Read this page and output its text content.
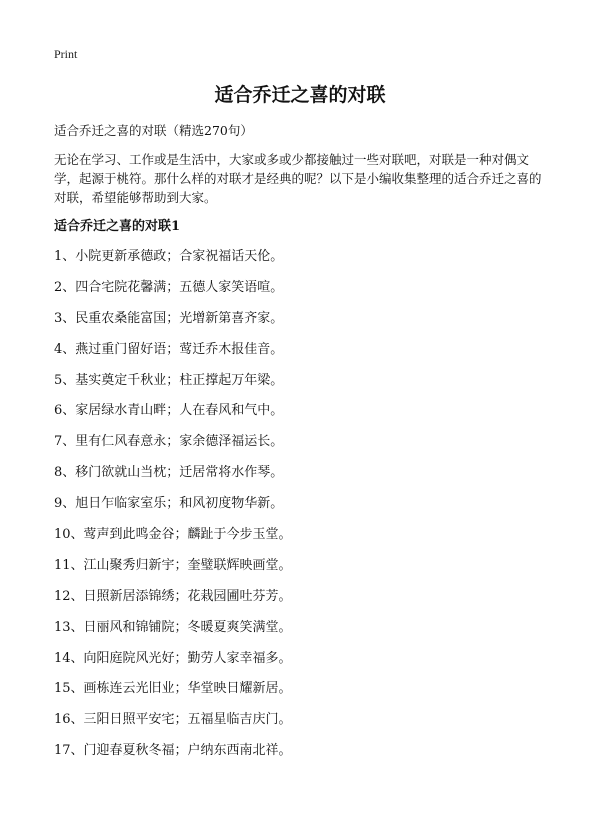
Print
适合乔迁之喜的对联
适合乔迁之喜的对联（精选270句）

无论在学习、工作或是生活中，大家或多或少都接触过一些对联吧，对联是一种对偶文学，起源于桃符。那什么样的对联才是经典的呢？以下是小编收集整理的适合乔迁之喜的对联，希望能够帮助到大家。

适合乔迁之喜的对联1
1、小院更新承德政；合家祝福话天伦。
2、四合宅院花馨满；五德人家笑语喧。
3、民重农桑能富国；光增新第喜齐家。
4、燕过重门留好语；莺迁乔木报佳音。
5、基实奠定千秋业；柱正撑起万年梁。
6、家居绿水青山畔；人在春风和气中。
7、里有仁风春意永；家余德泽福运长。
8、移门欲就山当枕；迁居常将水作琴。
9、旭日乍临家室乐；和风初度物华新。
10、莺声到此鸣金谷；麟趾于今步玉堂。
11、江山聚秀归新宇；奎璧联辉映画堂。
12、日照新居添锦绣；花栽园圃吐芬芳。
13、日丽风和锦铺院；冬暖夏爽笑满堂。
14、向阳庭院风光好；勤劳人家幸福多。
15、画栋连云光旧业；华堂映日耀新居。
16、三阳日照平安宅；五福星临吉庆门。
17、门迎春夏秋冬福；户纳东西南北祥。
